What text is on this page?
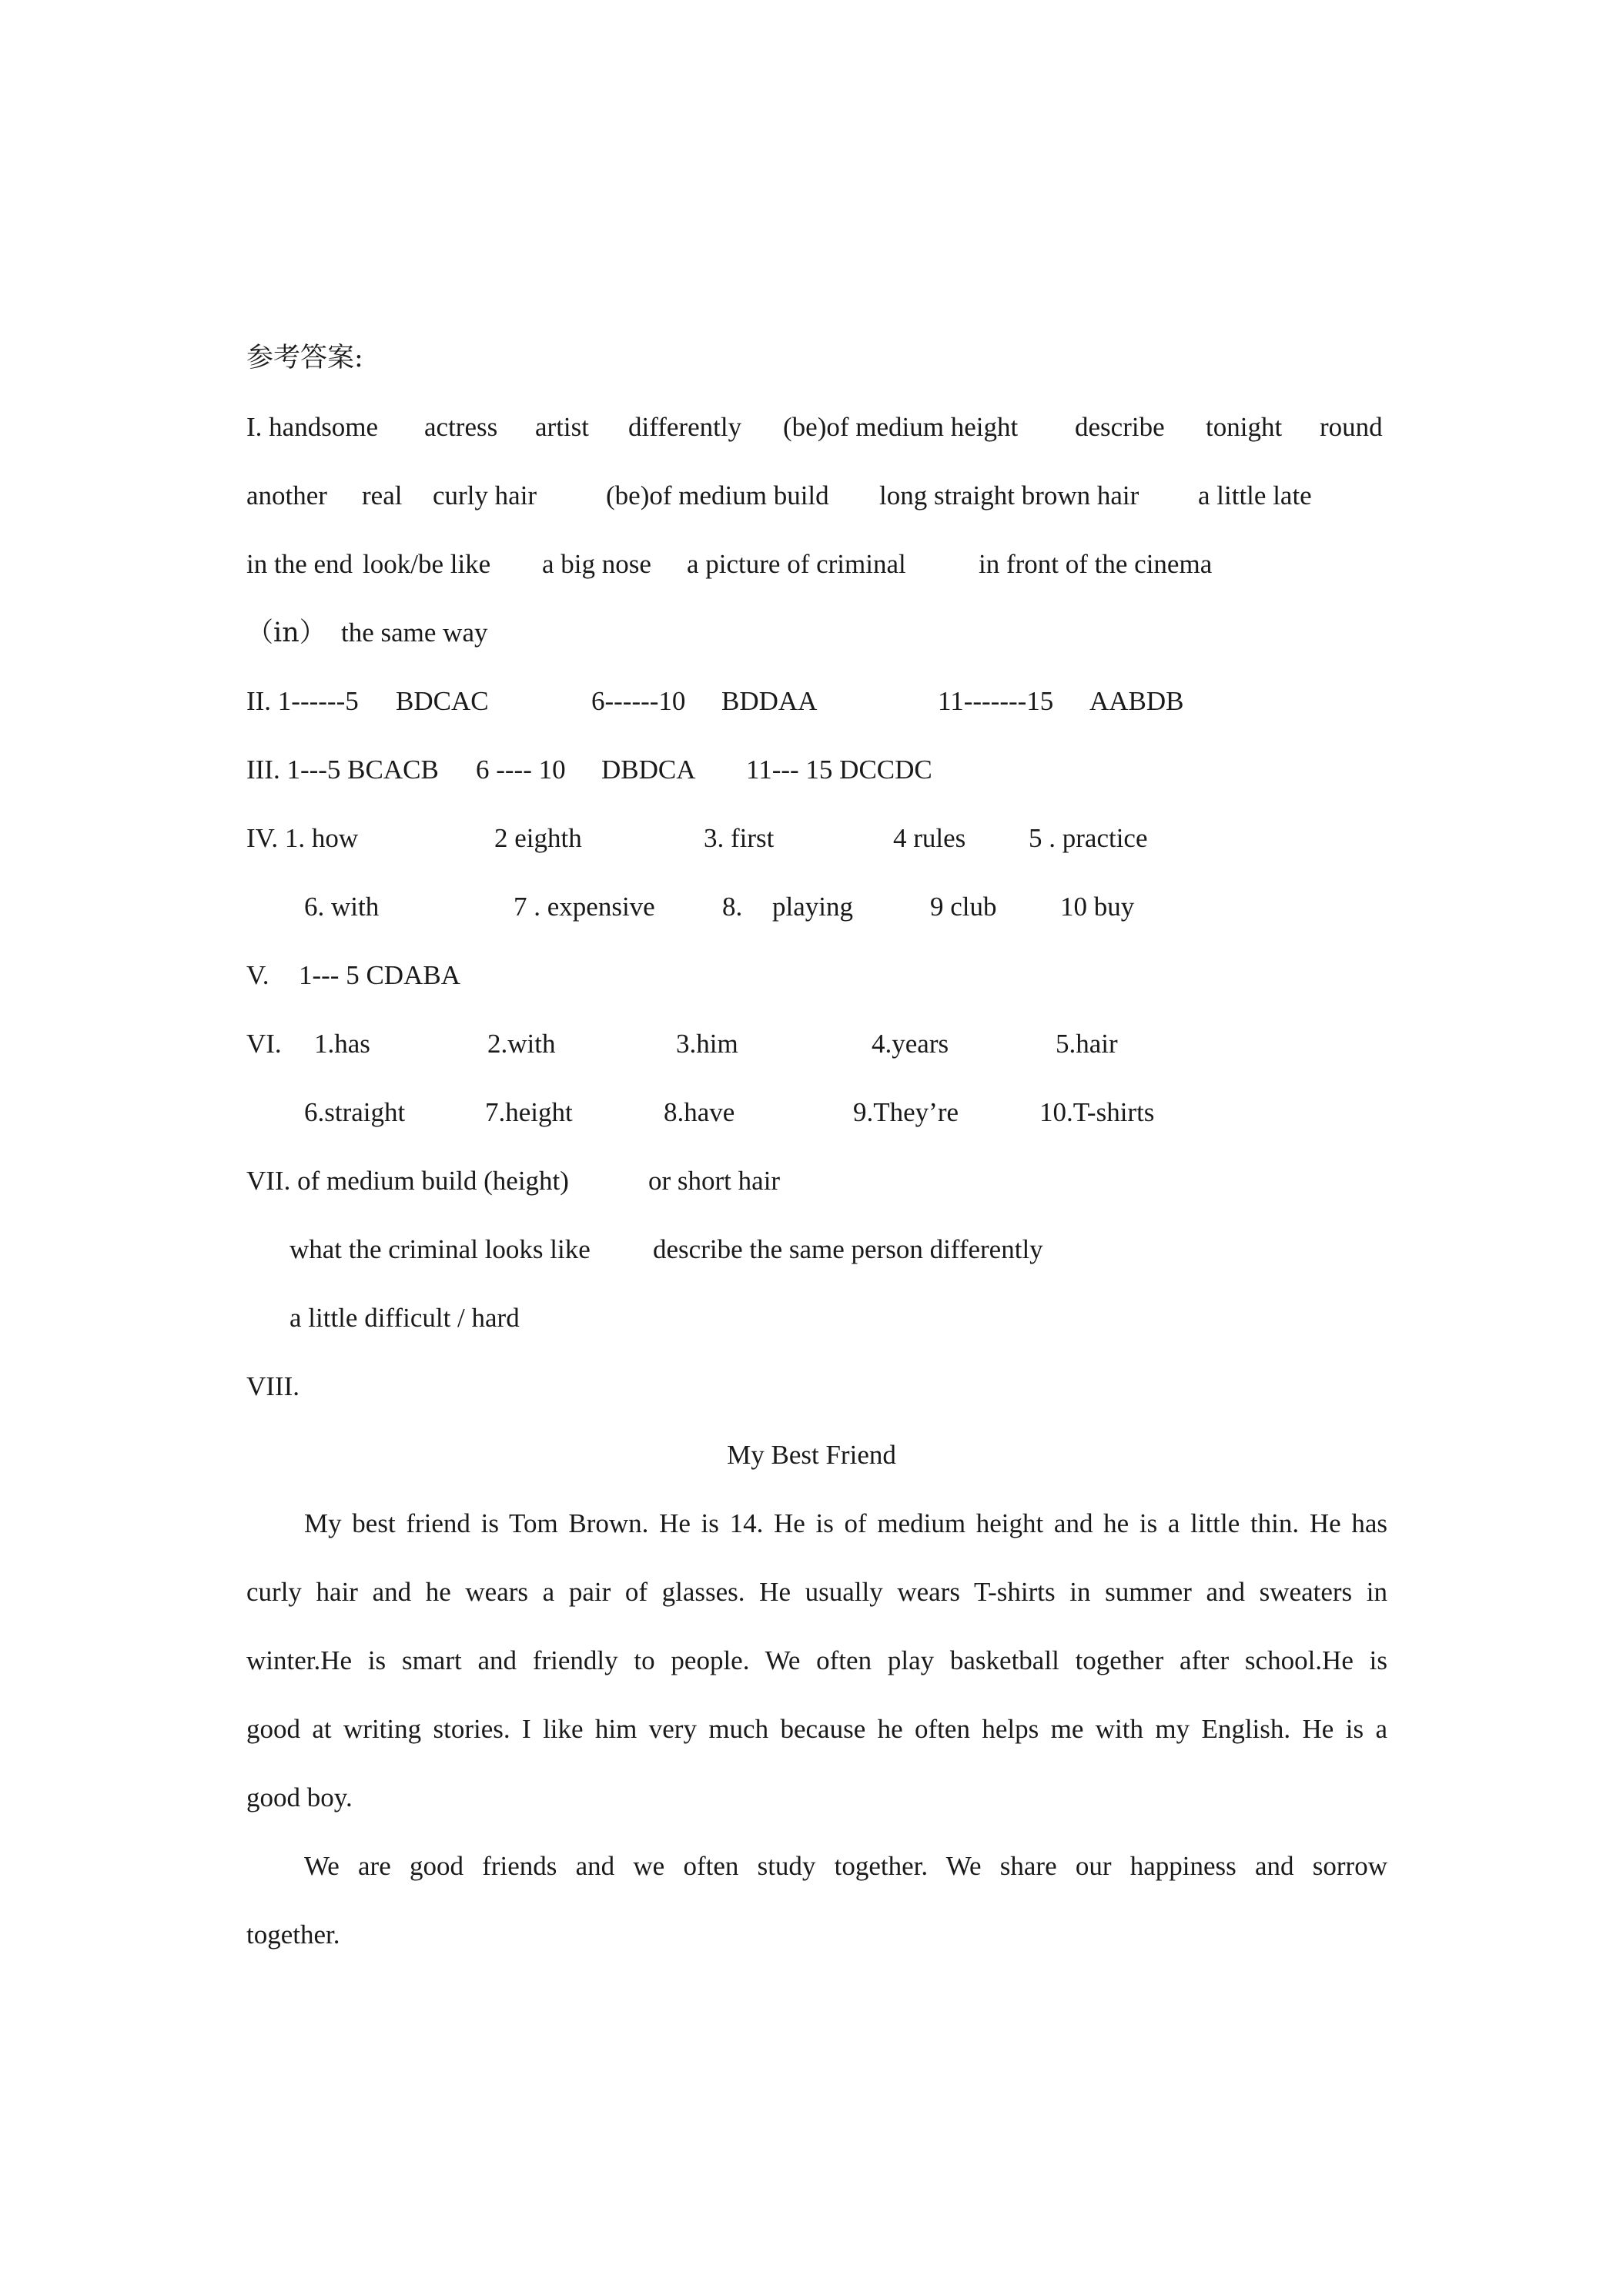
参考答案:

I. handsome

actress

artist

differently

(be)of medium height

describe

tonight

round

another

real

curly hair

	(be)of medium build

long straight brown hair

a little late

in the end

look/be like

a big nose

a picture of criminal

	in front of the cinema

（in）

the same way

II. 1------5

BDCAC

	6------10

BDDAA

	11-------15

AABDB

III. 1---5 BCACB

6 ---- 10

DBDCA

11--- 15 DCCDC

IV. 1. how

	2 eighth

	3. first

	4 rules

5 . practice

6. with

	7 . expensive

8.

playing

	9 club

10 buy

V.

1--- 5 CDABA

VI.

1.has

	2.with

	3.him

	4.years

	5.hair

6.straight

	7.height

	8.have

	9.They’re

	10.T-shirts

VII. of medium build (height)

	or short hair

what the criminal looks like

describe the same person differently

a little difficult / hard

VIII.
My Best Friend
My best friend is Tom Brown. He is 14. He is of medium height and he is a little thin. He has
curly hair and he wears a pair of glasses. He usually wears T-shirts in summer and sweaters in
winter.He is smart and friendly to people. We often play basketball together after school.He is
good at writing stories. I like him very much because he often helps me with my English. He is a
good boy.
We are good friends and we often study together. We share our happiness and sorrow
together.
